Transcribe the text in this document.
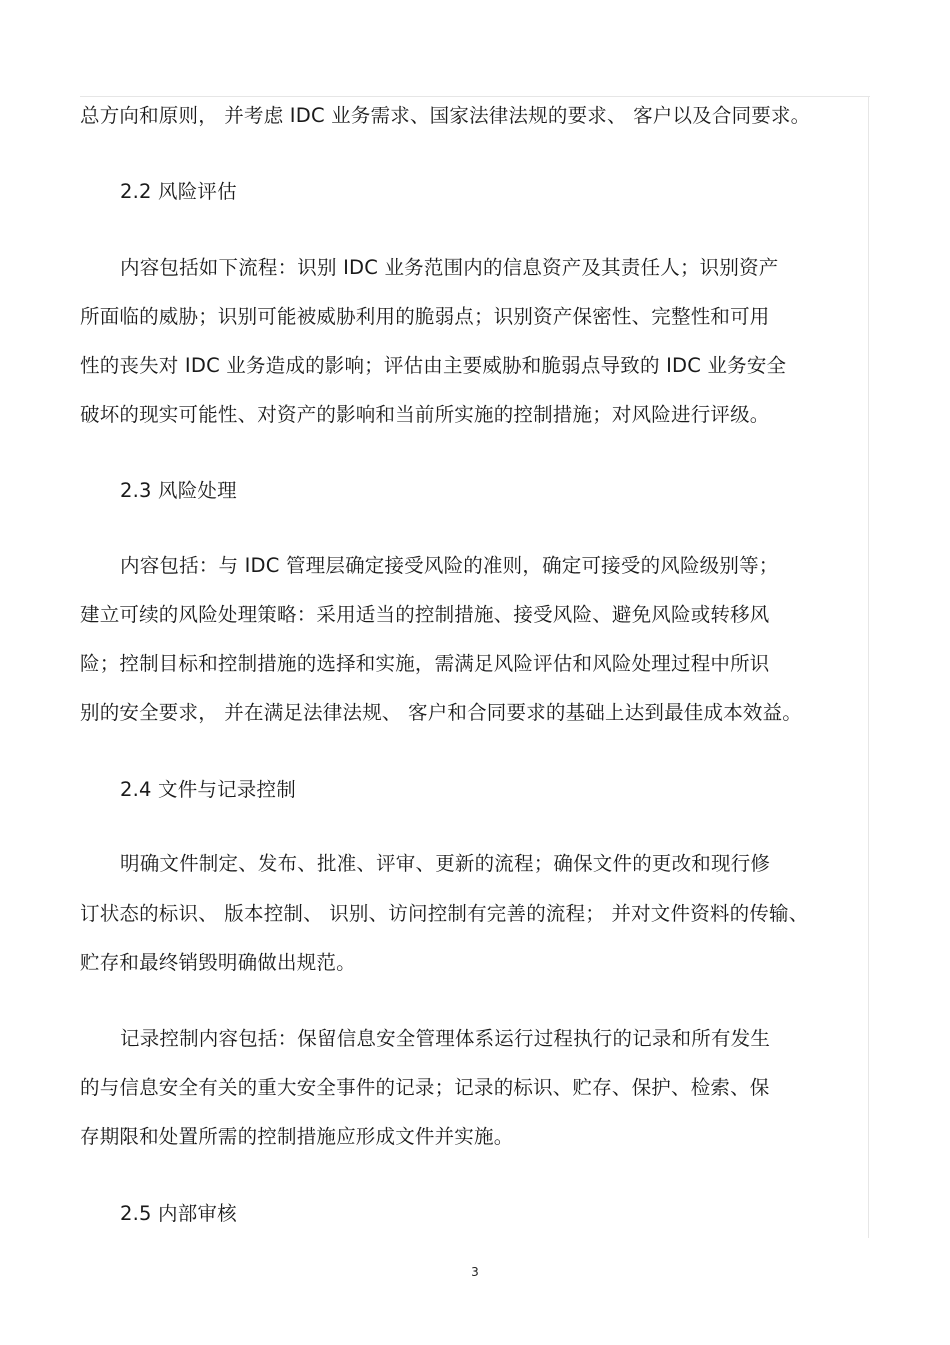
总方向和原则， 并考虑 IDC 业务需求、国家法律法规的要求、 客户以及合同要求。
2.2 风险评估
内容包括如下流程：识别 IDC 业务范围内的信息资产及其责任人；识别资产
所面临的威胁；识别可能被威胁利用的脆弱点；识别资产保密性、完整性和可用
性的丧失对 IDC 业务造成的影响；评估由主要威胁和脆弱点导致的 IDC 业务安全
破坏的现实可能性、对资产的影响和当前所实施的控制措施；对风险进行评级。
2.3 风险处理
内容包括：与 IDC 管理层确定接受风险的准则，确定可接受的风险级别等；
建立可续的风险处理策略：采用适当的控制措施、接受风险、避免风险或转移风
险；控制目标和控制措施的选择和实施，需满足风险评估和风险处理过程中所识
别的安全要求， 并在满足法律法规、 客户和合同要求的基础上达到最佳成本效益。
2.4 文件与记录控制
明确文件制定、发布、批准、评审、更新的流程；确保文件的更改和现行修
订状态的标识、 版本控制、 识别、访问控制有完善的流程； 并对文件资料的传输、
贮存和最终销毁明确做出规范。
记录控制内容包括：保留信息安全管理体系运行过程执行的记录和所有发生
的与信息安全有关的重大安全事件的记录；记录的标识、贮存、保护、检索、保
存期限和处置所需的控制措施应形成文件并实施。
2.5 内部审核
3
